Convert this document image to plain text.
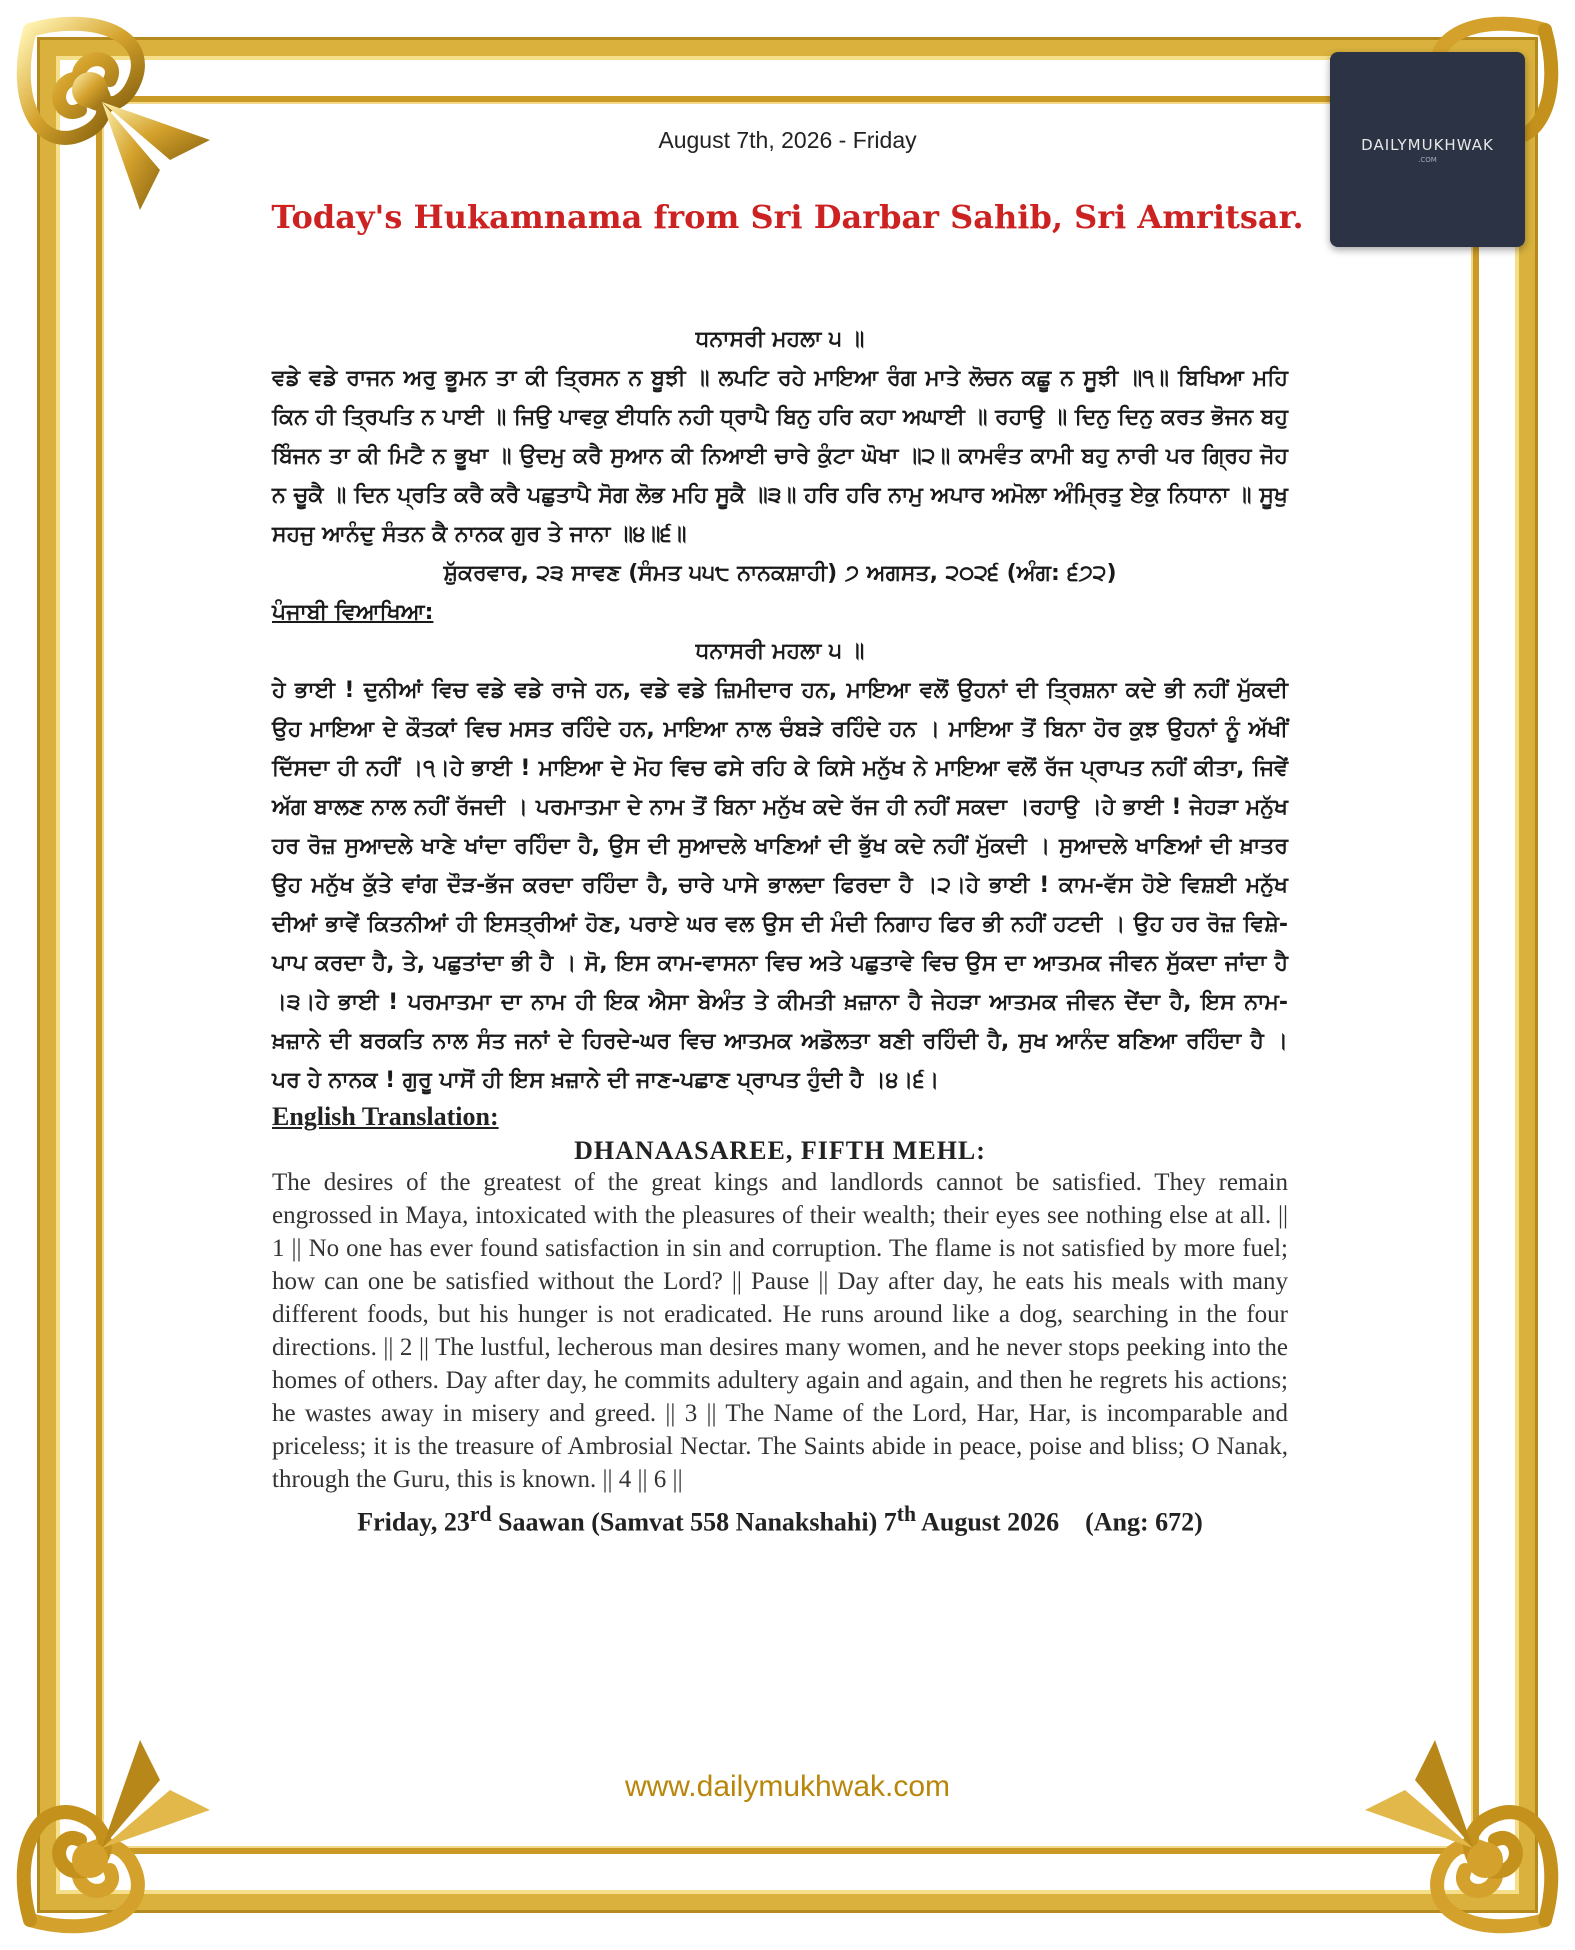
DAILYMUKHWAK
.COM
August 7th, 2026 - Friday
Today's Hukamnama from Sri Darbar Sahib, Sri Amritsar.
ਧਨਾਸਰੀ ਮਹਲਾ ੫ ॥
ਵਡੇ ਵਡੇ ਰਾਜਨ ਅਰੁ ਭੂਮਨ ਤਾ ਕੀ ਤ੍ਰਿਸਨ ਨ ਬੂਝੀ ॥ ਲਪਟਿ ਰਹੇ ਮਾਇਆ ਰੰਗ ਮਾਤੇ ਲੋਚਨ ਕਛੂ ਨ ਸੂਝੀ ॥੧॥ ਬਿਖਿਆ ਮਹਿ ਕਿਨ ਹੀ ਤ੍ਰਿਪਤਿ ਨ ਪਾਈ ॥ ਜਿਉ ਪਾਵਕੁ ਈਧਨਿ ਨਹੀ ਧ੍ਰਾਪੈ ਬਿਨੁ ਹਰਿ ਕਹਾ ਅਘਾਈ ॥ ਰਹਾਉ ॥ ਦਿਨੁ ਦਿਨੁ ਕਰਤ ਭੋਜਨ ਬਹੁ ਬਿੰਜਨ ਤਾ ਕੀ ਮਿਟੈ ਨ ਭੂਖਾ ॥ ਉਦਮੁ ਕਰੈ ਸੁਆਨ ਕੀ ਨਿਆਈ ਚਾਰੇ ਕੁੰਟਾ ਘੋਖਾ ॥੨॥ ਕਾਮਵੰਤ ਕਾਮੀ ਬਹੁ ਨਾਰੀ ਪਰ ਗ੍ਰਿਹ ਜੋਹ ਨ ਚੂਕੈ ॥ ਦਿਨ ਪ੍ਰਤਿ ਕਰੈ ਕਰੈ ਪਛੁਤਾਪੈ ਸੋਗ ਲੋਭ ਮਹਿ ਸੂਕੈ ॥੩॥ ਹਰਿ ਹਰਿ ਨਾਮੁ ਅਪਾਰ ਅਮੋਲਾ ਅੰਮ੍ਰਿਤੁ ਏਕੁ ਨਿਧਾਨਾ ॥ ਸੂਖੁ ਸਹਜੁ ਆਨੰਦੁ ਸੰਤਨ ਕੈ ਨਾਨਕ ਗੁਰ ਤੇ ਜਾਨਾ ॥੪॥੬॥
ਸ਼ੁੱਕਰਵਾਰ, ੨੩ ਸਾਵਣ (ਸੰਮਤ ੫੫੮ ਨਾਨਕਸ਼ਾਹੀ) ੭ ਅਗਸਤ, ੨੦੨੬ (ਅੰਗ: ੬੭੨)
ਪੰਜਾਬੀ ਵਿਆਖਿਆ:
ਧਨਾਸਰੀ ਮਹਲਾ ੫ ॥
ਹੇ ਭਾਈ ! ਦੁਨੀਆਂ ਵਿਚ ਵਡੇ ਵਡੇ ਰਾਜੇ ਹਨ, ਵਡੇ ਵਡੇ ਜ਼ਿਮੀਦਾਰ ਹਨ, ਮਾਇਆ ਵਲੋਂ ਉਹਨਾਂ ਦੀ ਤ੍ਰਿਸ਼ਨਾ ਕਦੇ ਭੀ ਨਹੀਂ ਮੁੱਕਦੀ ਉਹ ਮਾਇਆ ਦੇ ਕੌਤਕਾਂ ਵਿਚ ਮਸਤ ਰਹਿੰਦੇ ਹਨ, ਮਾਇਆ ਨਾਲ ਚੰਬੜੇ ਰਹਿੰਦੇ ਹਨ । ਮਾਇਆ ਤੋਂ ਬਿਨਾ ਹੋਰ ਕੁਝ ਉਹਨਾਂ ਨੂੰ ਅੱਖੀਂ ਦਿੱਸਦਾ ਹੀ ਨਹੀਂ ।੧।ਹੇ ਭਾਈ ! ਮਾਇਆ ਦੇ ਮੋਹ ਵਿਚ ਫਸੇ ਰਹਿ ਕੇ ਕਿਸੇ ਮਨੁੱਖ ਨੇ ਮਾਇਆ ਵਲੋਂ ਰੱਜ ਪ੍ਰਾਪਤ ਨਹੀਂ ਕੀਤਾ, ਜਿਵੇਂ ਅੱਗ ਬਾਲਣ ਨਾਲ ਨਹੀਂ ਰੱਜਦੀ । ਪਰਮਾਤਮਾ ਦੇ ਨਾਮ ਤੋਂ ਬਿਨਾ ਮਨੁੱਖ ਕਦੇ ਰੱਜ ਹੀ ਨਹੀਂ ਸਕਦਾ ।ਰਹਾਉ ।ਹੇ ਭਾਈ ! ਜੇਹੜਾ ਮਨੁੱਖ ਹਰ ਰੋਜ਼ ਸੁਆਦਲੇ ਖਾਣੇ ਖਾਂਦਾ ਰਹਿੰਦਾ ਹੈ, ਉਸ ਦੀ ਸੁਆਦਲੇ ਖਾਣਿਆਂ ਦੀ ਭੁੱਖ ਕਦੇ ਨਹੀਂ ਮੁੱਕਦੀ । ਸੁਆਦਲੇ ਖਾਣਿਆਂ ਦੀ ਖ਼ਾਤਰ ਉਹ ਮਨੁੱਖ ਕੁੱਤੇ ਵਾਂਗ ਦੌੜ-ਭੱਜ ਕਰਦਾ ਰਹਿੰਦਾ ਹੈ, ਚਾਰੇ ਪਾਸੇ ਭਾਲਦਾ ਫਿਰਦਾ ਹੈ ।੨।ਹੇ ਭਾਈ ! ਕਾਮ-ਵੱਸ ਹੋਏ ਵਿਸ਼ਈ ਮਨੁੱਖ ਦੀਆਂ ਭਾਵੇਂ ਕਿਤਨੀਆਂ ਹੀ ਇਸਤ੍ਰੀਆਂ ਹੋਣ, ਪਰਾਏ ਘਰ ਵਲ ਉਸ ਦੀ ਮੰਦੀ ਨਿਗਾਹ ਫਿਰ ਭੀ ਨਹੀਂ ਹਟਦੀ । ਉਹ ਹਰ ਰੋਜ਼ ਵਿਸ਼ੇ-ਪਾਪ ਕਰਦਾ ਹੈ, ਤੇ, ਪਛੁਤਾਂਦਾ ਭੀ ਹੈ । ਸੋ, ਇਸ ਕਾਮ-ਵਾਸਨਾ ਵਿਚ ਅਤੇ ਪਛੁਤਾਵੇ ਵਿਚ ਉਸ ਦਾ ਆਤਮਕ ਜੀਵਨ ਸੁੱਕਦਾ ਜਾਂਦਾ ਹੈ ।੩।ਹੇ ਭਾਈ ! ਪਰਮਾਤਮਾ ਦਾ ਨਾਮ ਹੀ ਇਕ ਐਸਾ ਬੇਅੰਤ ਤੇ ਕੀਮਤੀ ਖ਼ਜ਼ਾਨਾ ਹੈ ਜੇਹੜਾ ਆਤਮਕ ਜੀਵਨ ਦੇਂਦਾ ਹੈ, ਇਸ ਨਾਮ-ਖ਼ਜ਼ਾਨੇ ਦੀ ਬਰਕਤਿ ਨਾਲ ਸੰਤ ਜਨਾਂ ਦੇ ਹਿਰਦੇ-ਘਰ ਵਿਚ ਆਤਮਕ ਅਡੋਲਤਾ ਬਣੀ ਰਹਿੰਦੀ ਹੈ, ਸੁਖ ਆਨੰਦ ਬਣਿਆ ਰਹਿੰਦਾ ਹੈ । ਪਰ ਹੇ ਨਾਨਕ ! ਗੁਰੂ ਪਾਸੋਂ ਹੀ ਇਸ ਖ਼ਜ਼ਾਨੇ ਦੀ ਜਾਣ-ਪਛਾਣ ਪ੍ਰਾਪਤ ਹੁੰਦੀ ਹੈ ।੪।੬।
English Translation:
DHANAASAREE, FIFTH MEHL:
The desires of the greatest of the great kings and landlords cannot be satisfied. They remain engrossed in Maya, intoxicated with the pleasures of their wealth; their eyes see nothing else at all. || 1 || No one has ever found satisfaction in sin and corruption. The flame is not satisfied by more fuel; how can one be satisfied without the Lord? || Pause || Day after day, he eats his meals with many different foods, but his hunger is not eradicated. He runs around like a dog, searching in the four directions. || 2 || The lustful, lecherous man desires many women, and he never stops peeking into the homes of others. Day after day, he commits adultery again and again, and then he regrets his actions; he wastes away in misery and greed. || 3 || The Name of the Lord, Har, Har, is incomparable and priceless; it is the treasure of Ambrosial Nectar. The Saints abide in peace, poise and bliss; O Nanak, through the Guru, this is known. || 4 || 6 ||
Friday, 23rd Saawan (Samvat 558 Nanakshahi) 7th August 2026    (Ang: 672)
www.dailymukhwak.com
